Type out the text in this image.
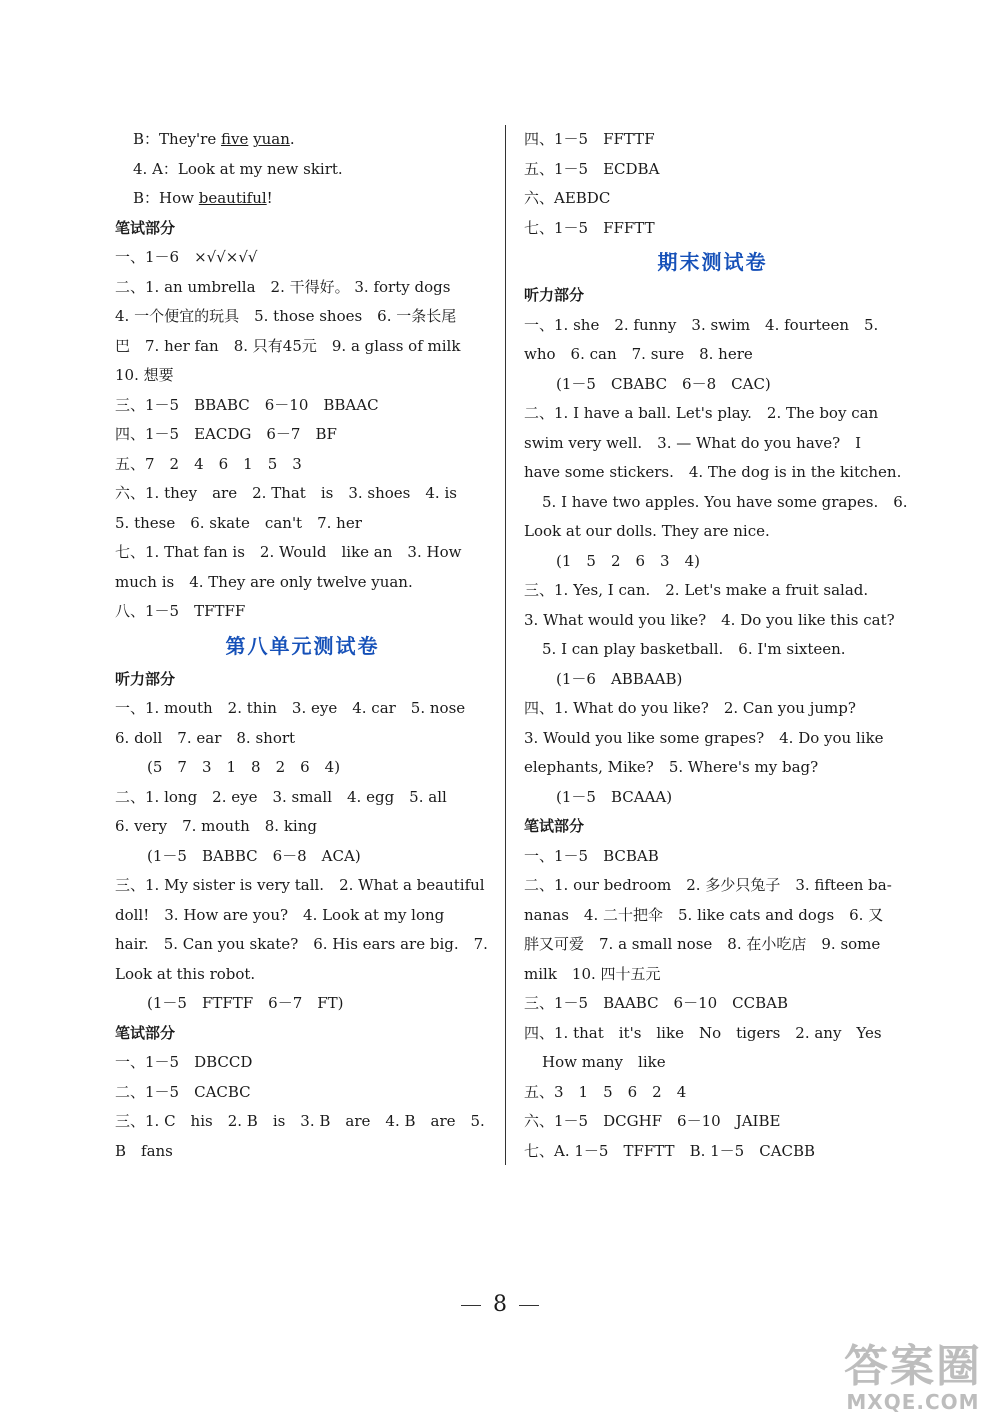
B：They're five yuan.
4. A：Look at my new skirt.
B：How beautiful!
笔试部分
一、1－6　×√√×√√
二、1. an umbrella　2. 干得好。 3. forty dogs
4. 一个便宜的玩具　5. those shoes　6. 一条长尾
巴　7. her fan　8. 只有45元　9. a glass of milk
10. 想要
三、1－5　BBABC　6－10　BBAAC
四、1－5　EACDG　6－7　BF
五、7　2　4　6　1　5　3
六、1. they　are　2. That　is　3. shoes　4. is
5. these　6. skate　can't　7. her
七、1. That fan is　2. Would　like an　3. How
much is　4. They are only twelve yuan.
八、1－5　TFTFF
第八单元测试卷
听力部分
一、1. mouth　2. thin　3. eye　4. car　5. nose
6. doll　7. ear　8. short
(5　7　3　1　8　2　6　4)
二、1. long　2. eye　3. small　4. egg　5. all
6. very　7. mouth　8. king
(1－5　BABBC　6－8　ACA)
三、1. My sister is very tall.　2. What a beautiful
doll!　3. How are you?　4. Look at my long
hair.　5. Can you skate?　6. His ears are big.　7.
Look at this robot.
(1－5　FTFTF　6－7　FT)
笔试部分
一、1－5　DBCCD
二、1－5　CACBC
三、1. C　his　2. B　is　3. B　are　4. B　are　5.
B　fans
四、1－5　FFTTF
五、1－5　ECDBA
六、AEBDC
七、1－5　FFFTT
期末测试卷
听力部分
一、1. she　2. funny　3. swim　4. fourteen　5.
who　6. can　7. sure　8. here
(1－5　CBABC　6－8　CAC)
二、1. I have a ball. Let's play.　2. The boy can
swim very well.　3. — What do you have?　I
have some stickers.　4. The dog is in the kitchen.
5. I have two apples. You have some grapes.　6.
Look at our dolls. They are nice.
(1　5　2　6　3　4)
三、1. Yes, I can.　2. Let's make a fruit salad.
3. What would you like?　4. Do you like this cat?
5. I can play basketball.　6. I'm sixteen.
(1－6　ABBAAB)
四、1. What do you like?　2. Can you jump?
3. Would you like some grapes?　4. Do you like
elephants, Mike?　5. Where's my bag?
(1－5　BCAAA)
笔试部分
一、1－5　BCBAB
二、1. our bedroom　2. 多少只兔子　3. fifteen ba-
nanas　4. 二十把伞　5. like cats and dogs　6. 又
胖又可爱　7. a small nose　8. 在小吃店　9. some
milk　10. 四十五元
三、1－5　BAABC　6－10　CCBAB
四、1. that　it's　like　No　tigers　2. any　Yes
How many　like
五、3　1　5　6　2　4
六、1－5　DCGHF　6－10　JAIBE
七、A. 1－5　TFFTT　B. 1－5　CACBB
8
答案圈
MXQE.COM
